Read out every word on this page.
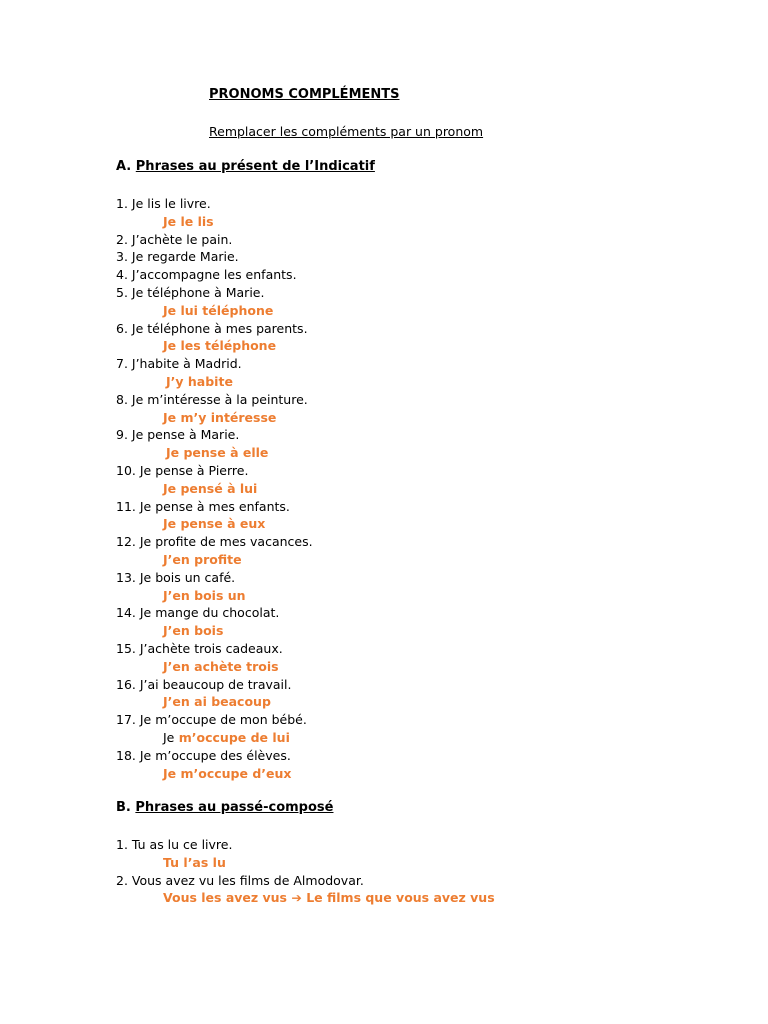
PRONOMS COMPLÉMENTS
Remplacer les compléments par un pronom
A. Phrases au présent de l’Indicatif
1. Je lis le livre.
Je le lis
2. J’achète le pain.
3. Je regarde Marie.
4. J’accompagne les enfants.
5. Je téléphone à Marie.
Je lui téléphone
6. Je téléphone à mes parents.
Je les téléphone
7. J’habite à Madrid.
J’y habite
8. Je m’intéresse à la peinture.
Je m’y intéresse
9. Je pense à Marie.
Je pense à elle
10. Je pense à Pierre.
Je pensé à lui
11. Je pense à mes enfants.
Je pense à eux
12. Je profite de mes vacances.
J’en profite
13. Je bois un café.
J’en bois un
14. Je mange du chocolat.
J’en bois
15. J’achète trois cadeaux.
J’en achète trois
16. J’ai beaucoup de travail.
J’en ai beacoup
17. Je m’occupe de mon bébé.
Je m’occupe de lui
18. Je m’occupe des élèves.
Je m’occupe d’eux
B. Phrases au passé-composé
1. Tu as lu ce livre.
Tu l’as lu
2. Vous avez vu les films de Almodovar.
Vous les avez vus ➔ Le films que vous avez vus
